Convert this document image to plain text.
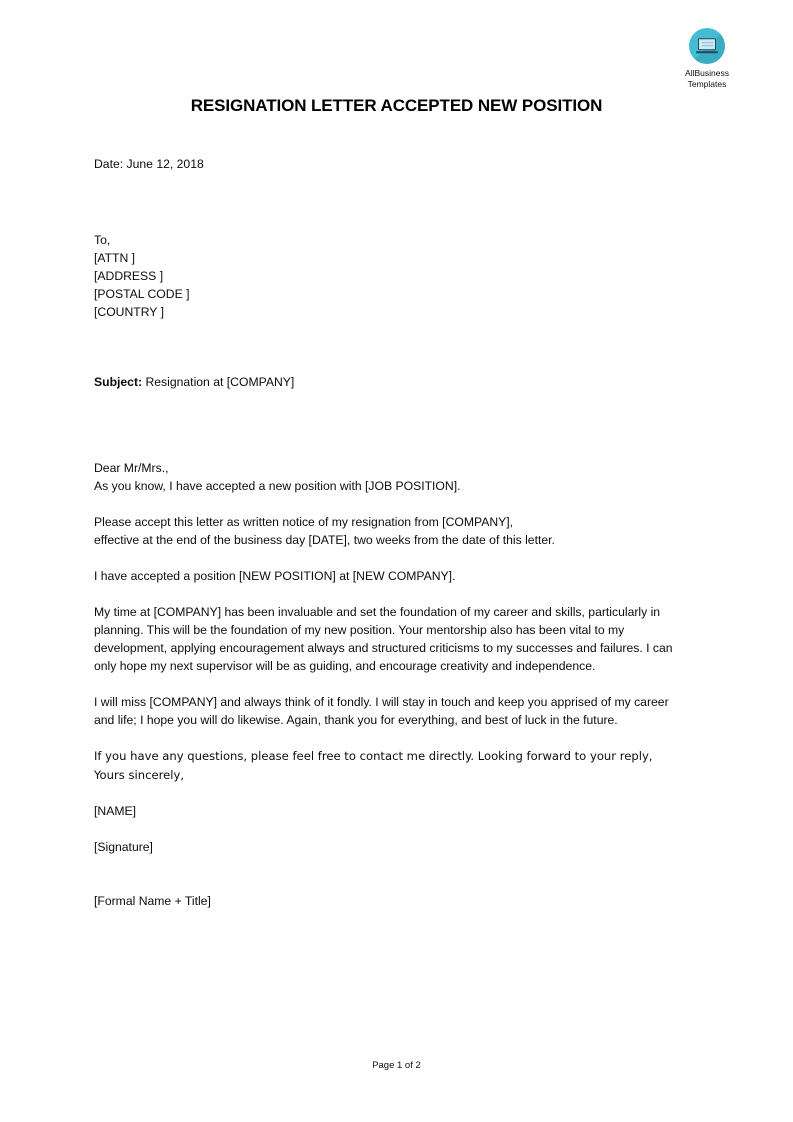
AllBusiness
Templates
RESIGNATION LETTER ACCEPTED NEW POSITION
Date: June 12, 2018
To,
[ATTN ]
[ADDRESS ]
[POSTAL CODE ]
[COUNTRY ]
Subject: Resignation at [COMPANY]
Dear Mr/Mrs.,
As you know, I have accepted a new position with [JOB POSITION].
Please accept this letter as written notice of my resignation from [COMPANY],
effective at the end of the business day [DATE], two weeks from the date of this letter.
I have accepted a position [NEW POSITION] at [NEW COMPANY].
My time at [COMPANY] has been invaluable and set the foundation of my career and skills, particularly in planning. This will be the foundation of my new position. Your mentorship also has been vital to my development, applying encouragement always and structured criticisms to my successes and failures. I can only hope my next supervisor will be as guiding, and encourage creativity and independence.
I will miss [COMPANY] and always think of it fondly. I will stay in touch and keep you apprised of my career and life; I hope you will do likewise. Again, thank you for everything, and best of luck in the future.
If you have any questions, please feel free to contact me directly. Looking forward to your reply,
Yours sincerely,
[NAME]
[Signature]
[Formal Name + Title]
Page 1 of 2
